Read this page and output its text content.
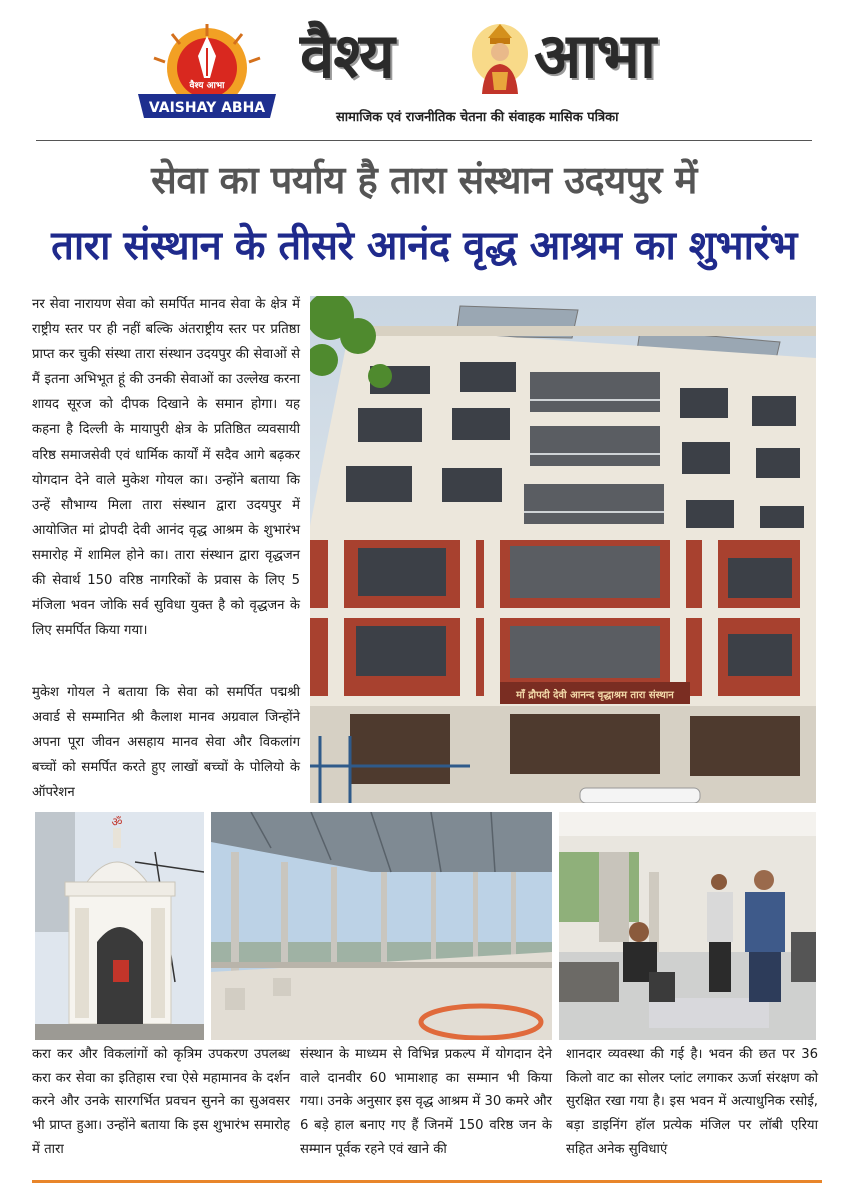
वैश्य आभा
VAISHAY ABHA
वैश्य आभा
सामाजिक एवं राजनीतिक चेतना की संवाहक मासिक पत्रिका
सेवा का पर्याय है तारा संस्थान उदयपुर में
तारा संस्थान के तीसरे आनंद वृद्ध आश्रम का शुभारंभ
नर सेवा नारायण सेवा को समर्पित मानव सेवा के क्षेत्र में राष्ट्रीय स्तर पर ही नहीं बल्कि अंतराष्ट्रीय स्तर पर प्रतिष्ठा प्राप्त कर चुकी संस्था तारा संस्थान उदयपुर की सेवाओं से मैं इतना अभिभूत हूं की उनकी सेवाओं का उल्लेख करना शायद सूरज को दीपक दिखाने के समान होगा। यह कहना है दिल्ली के मायापुरी क्षेत्र के प्रतिष्ठित व्यवसायी वरिष्ठ समाजसेवी एवं धार्मिक कार्यों में सदैव आगे बढ़कर योगदान देने वाले मुकेश गोयल का। उन्होंने बताया कि उन्हें सौभाग्य मिला तारा संस्थान द्वारा उदयपुर में आयोजित मां द्रोपदी देवी आनंद वृद्ध आश्रम के शुभारंभ समारोह में शामिल होने का। तारा संस्थान द्वारा वृद्धजन की सेवार्थ 150 वरिष्ठ नागरिकों के प्रवास के लिए 5 मंजिला भवन जोकि सर्व सुविधा युक्त है को वृद्धजन के लिए समर्पित किया गया।
मुकेश गोयल ने बताया कि सेवा को समर्पित पद्मश्री अवार्ड से सम्मानित श्री कैलाश मानव अग्रवाल जिन्होंने अपना पूरा जीवन असहाय मानव सेवा और विकलांग बच्चों को समर्पित करते हुए लाखों बच्चों के पोलियो के ऑपरेशन
माँ द्रौपदी देवी आनन्द वृद्धाश्रम तारा संस्थान
ॐ
करा कर और विकलांगों को कृत्रिम उपकरण उपलब्ध करा कर सेवा का इतिहास रचा ऐसे महामानव के दर्शन करने और उनके सारगर्भित प्रवचन सुनने का सुअवसर भी प्राप्त हुआ। उन्होंने बताया कि इस शुभारंभ समारोह में तारा
संस्थान के माध्यम से विभिन्न प्रकल्प में योगदान देने वाले दानवीर 60 भामाशाह का सम्मान भी किया गया। उनके अनुसार इस वृद्ध आश्रम में 30 कमरे और 6 बड़े हाल बनाए गए हैं जिनमें 150 वरिष्ठ जन के सम्मान पूर्वक रहने एवं खाने की
शानदार व्यवस्था की गई है। भवन की छत पर 36 किलो वाट का सोलर प्लांट लगाकर ऊर्जा संरक्षण को सुरक्षित रखा गया है। इस भवन में अत्याधुनिक रसोई, बड़ा डाइनिंग हॉल प्रत्येक मंजिल पर लॉबी एरिया सहित अनेक सुविधाएं
